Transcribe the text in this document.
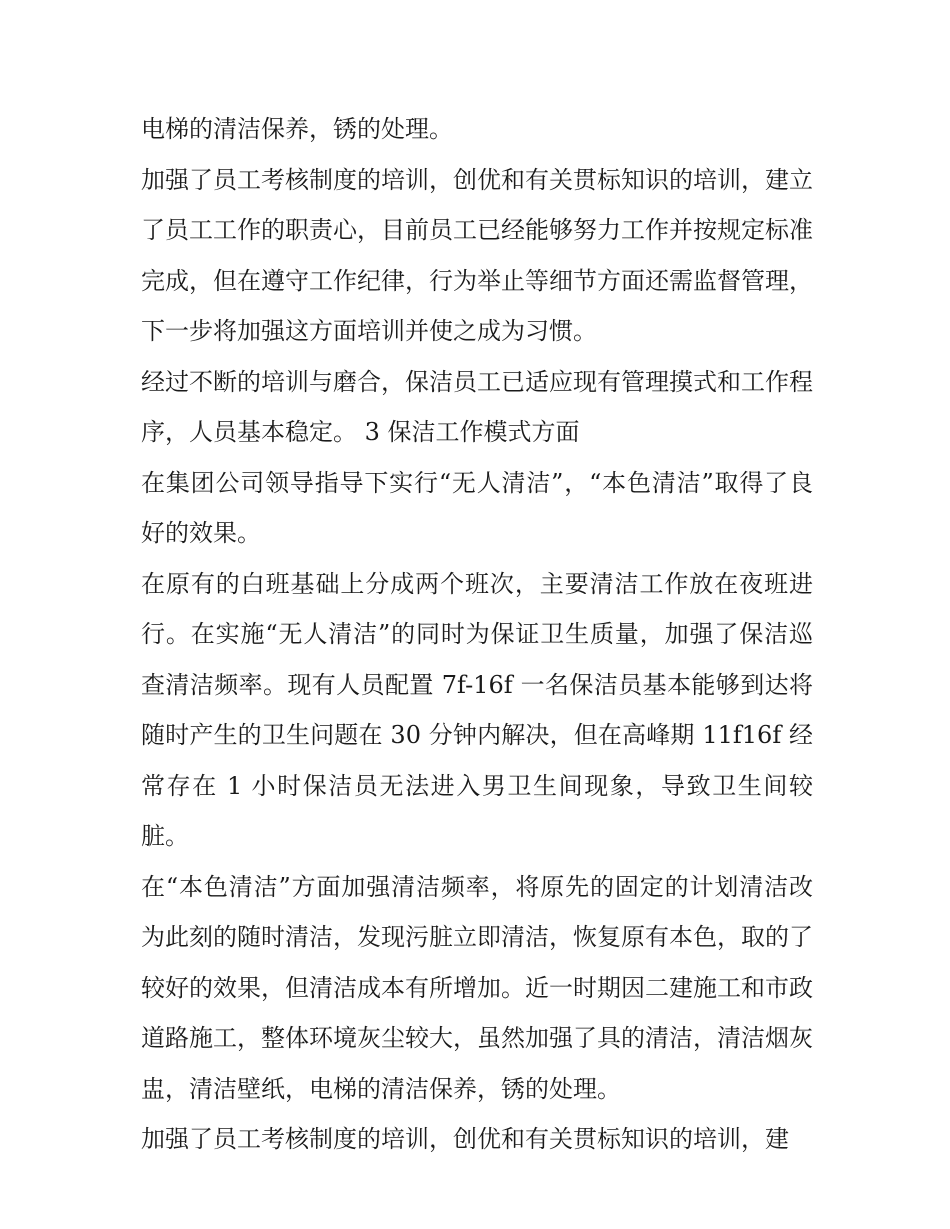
电梯的清洁保养，锈的处理。

加强了员工考核制度的培训，创优和有关贯标知识的培训，建立了员工工作的职责心，目前员工已经能够努力工作并按规定标准完成，但在遵守工作纪律，行为举止等细节方面还需监督管理，下一步将加强这方面培训并使之成为习惯。

经过不断的培训与磨合，保洁员工已适应现有管理摸式和工作程序，人员基本稳定。 3 保洁工作模式方面

在集团公司领导指导下实行“无人清洁”，“本色清洁”取得了良好的效果。

在原有的白班基础上分成两个班次，主要清洁工作放在夜班进行。在实施“无人清洁”的同时为保证卫生质量，加强了保洁巡查清洁频率。现有人员配置 7f-16f 一名保洁员基本能够到达将随时产生的卫生问题在 30 分钟内解决，但在高峰期 11f16f 经常存在 1 小时保洁员无法进入男卫生间现象，导致卫生间较脏。

在“本色清洁”方面加强清洁频率，将原先的固定的计划清洁改为此刻的随时清洁，发现污脏立即清洁，恢复原有本色，取的了较好的效果，但清洁成本有所增加。近一时期因二建施工和市政道路施工，整体环境灰尘较大，虽然加强了具的清洁，清洁烟灰盅，清洁壁纸，电梯的清洁保养，锈的处理。

加强了员工考核制度的培训，创优和有关贯标知识的培训，建
